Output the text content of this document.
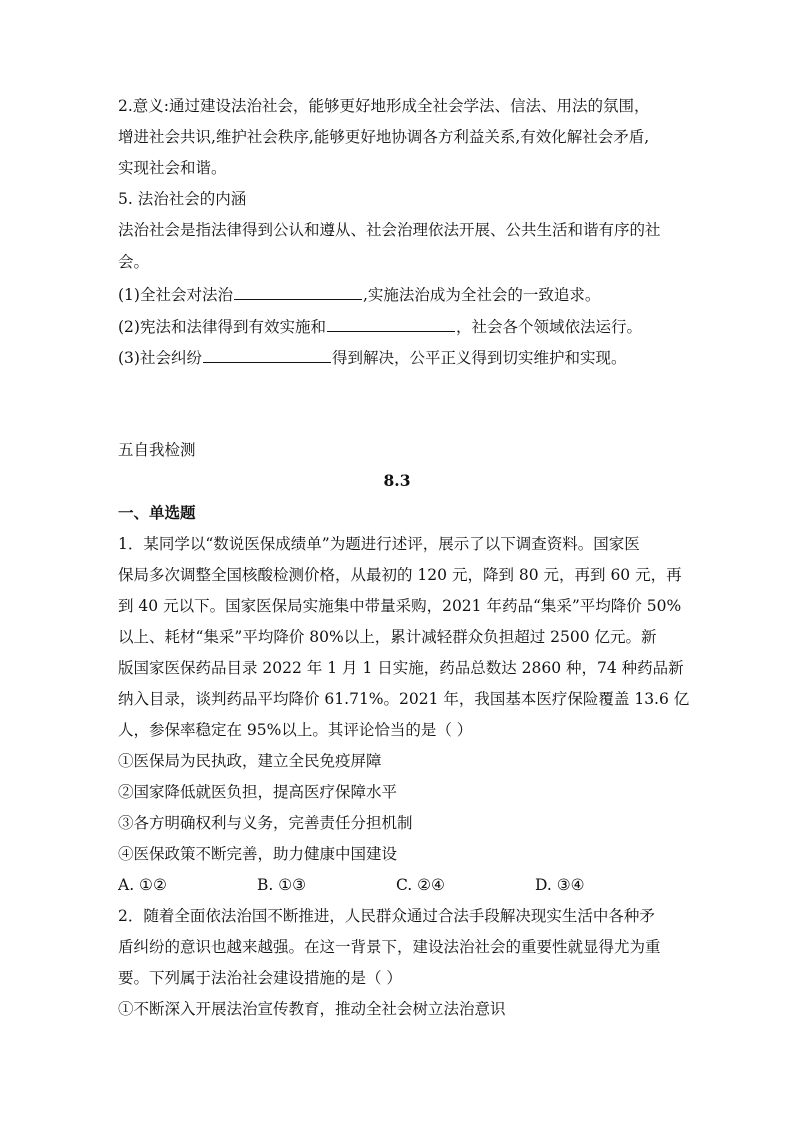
2.意义:通过建设法治社会，能够更好地形成全社会学法、信法、用法的氛围，
增进社会共识,维护社会秩序,能够更好地协调各方利益关系,有效化解社会矛盾,
实现社会和谐。
5. 法治社会的内涵
法治社会是指法律得到公认和遵从、社会治理依法开展、公共生活和谐有序的社
会。
(1)全社会对法治	,实施法治成为全社会的一致追求。
(2)宪法和法律得到有效实施和	，社会各个领域依法运行。
(3)社会纠纷	得到解决，公平正义得到切实维护和实现。
五自我检测
8.3
一、单选题
1．某同学以“数说医保成绩单”为题进行述评，展示了以下调查资料。国家医
保局多次调整全国核酸检测价格，从最初的 120 元，降到 80 元，再到 60 元，再
到 40 元以下。国家医保局实施集中带量采购，2021 年药品“集采”平均降价 50%
以上、耗材“集采”平均降价 80%以上，累计减轻群众负担超过 2500 亿元。新
版国家医保药品目录 2022 年 1 月 1 日实施，药品总数达 2860 种，74 种药品新
纳入目录，谈判药品平均降价 61.71%。2021 年，我国基本医疗保险覆盖 13.6 亿
人，参保率稳定在 95%以上。其评论恰当的是（ ）
①医保局为民执政，建立全民免疫屏障
②国家降低就医负担，提高医疗保障水平
③各方明确权利与义务，完善责任分担机制
④医保政策不断完善，助力健康中国建设
A. ①②	B. ①③	C. ②④	D. ③④
2．随着全面依法治国不断推进，人民群众通过合法手段解决现实生活中各种矛
盾纠纷的意识也越来越强。在这一背景下，建设法治社会的重要性就显得尤为重
要。下列属于法治社会建设措施的是（ ）
①不断深入开展法治宣传教育，推动全社会树立法治意识
